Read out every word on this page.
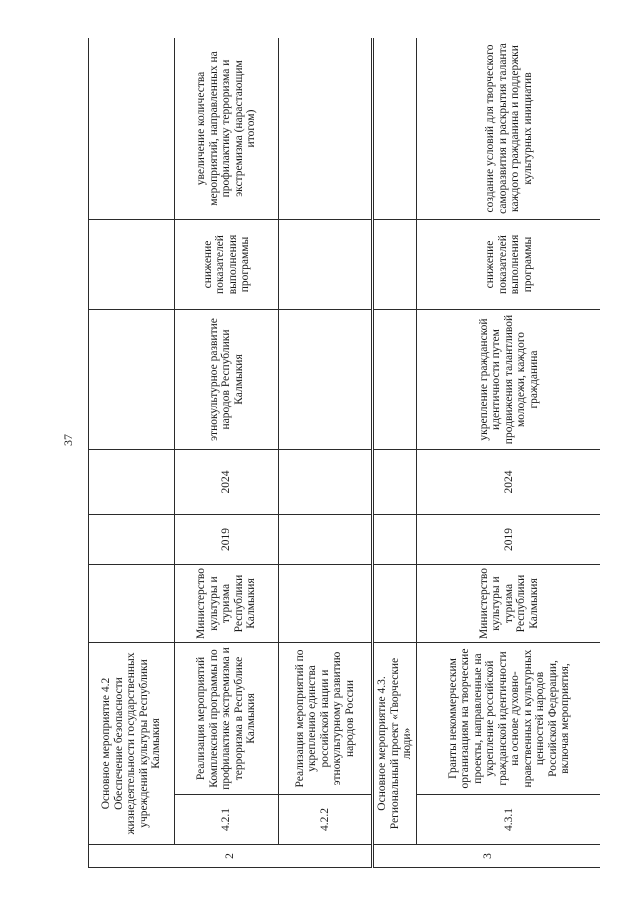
37
2	Основное мероприятие 4.2 Обеспечение безопасности жизнедеятельности государственных учреждений культуры Республики Калмыкия							
	4.2.1	Реализация мероприятий Комплексной программы по профилактике экстремизма и терроризма в Республике Калмыкия	Министерство культуры и туризма Республики Калмыкия	2019	2024	этнокультурное развитие народов Республики Калмыкия	снижение показателей выполнения программы	увеличение количества мероприятий, направленных на профилактику терроризма и экстремизма (нарастающим итогом)
	4.2.2	Реализация мероприятий по укреплению единства российской нации и этнокультурному развитию народов России						
3	Основное мероприятие 4.3. Региональный проект «Творческие люди»							
	4.3.1	Гранты некоммерческим организациям на творческие проекты, направленные на укрепление российской гражданской идентичности на основе духовно-нравственных и культурных ценностей народов Российской Федерации, включая мероприятия,	Министерство культуры и туризма Республики Калмыкия	2019	2024	укрепление гражданской идентичности путем продвижения талантливой молодежи, каждого гражданина	снижение показателей выполнения программы	создание условий для творческого саморазвития и раскрытия таланта каждого гражданина и поддержки культурных инициатив
